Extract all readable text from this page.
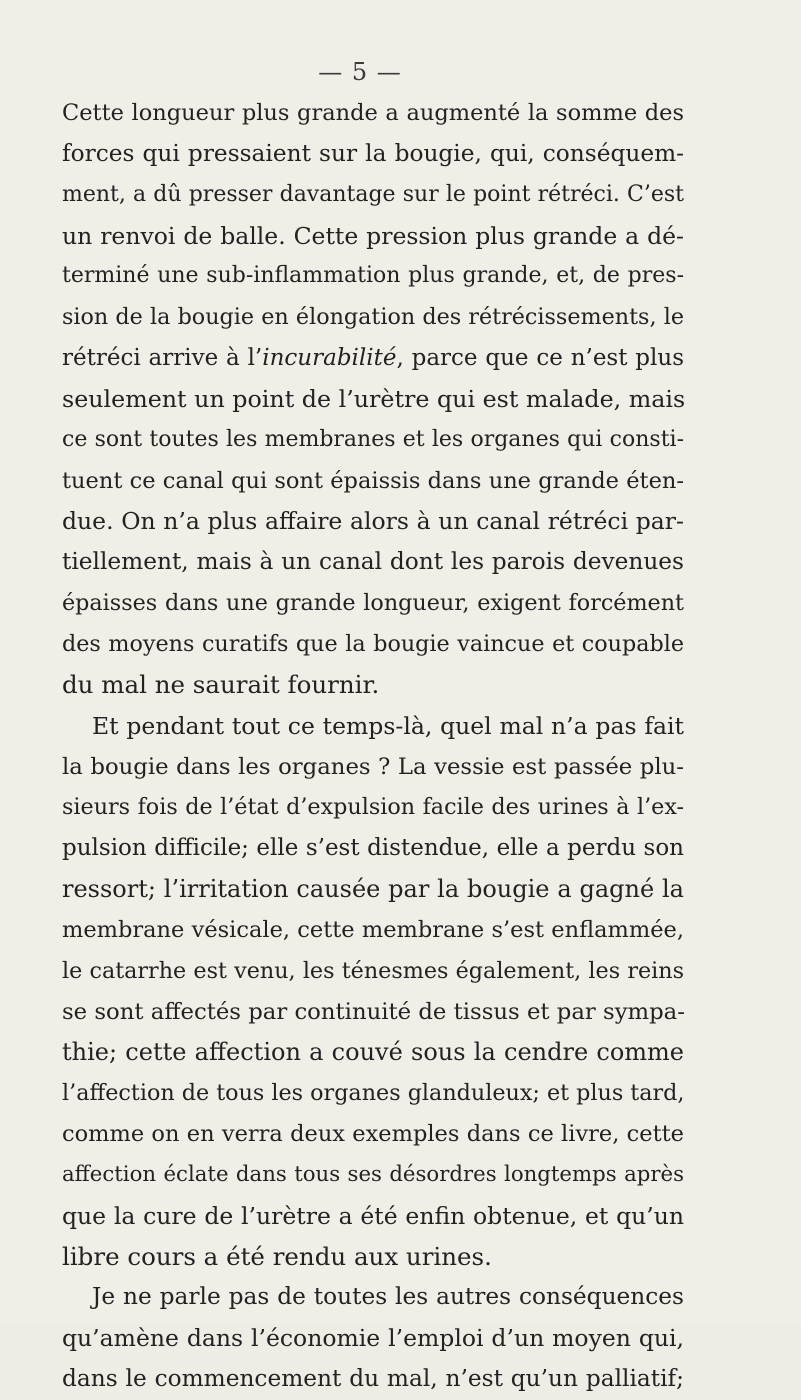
— 5 —
Cette longueur plus grande a augmenté la somme des
forces qui pressaient sur la bougie, qui, conséquem-
ment, a dû presser davantage sur le point rétréci. C’est
un renvoi de balle. Cette pression plus grande a dé-
terminé une sub-inflammation plus grande, et, de pres-
sion de la bougie en élongation des rétrécissements, le
rétréci arrive à l’incurabilité, parce que ce n’est plus
seulement un point de l’urètre qui est malade, mais
ce sont toutes les membranes et les organes qui consti-
tuent ce canal qui sont épaissis dans une grande éten-
due. On n’a plus affaire alors à un canal rétréci par-
tiellement, mais à un canal dont les parois devenues
épaisses dans une grande longueur, exigent forcément
des moyens curatifs que la bougie vaincue et coupable
du mal ne saurait fournir.
Et pendant tout ce temps-là, quel mal n’a pas fait
la bougie dans les organes ? La vessie est passée plu-
sieurs fois de l’état d’expulsion facile des urines à l’ex-
pulsion difficile; elle s’est distendue, elle a perdu son
ressort; l’irritation causée par la bougie a gagné la
membrane vésicale, cette membrane s’est enflammée,
le catarrhe est venu, les ténesmes également, les reins
se sont affectés par continuité de tissus et par sympa-
thie; cette affection a couvé sous la cendre comme
l’affection de tous les organes glanduleux; et plus tard,
comme on en verra deux exemples dans ce livre, cette
affection éclate dans tous ses désordres longtemps après
que la cure de l’urètre a été enfin obtenue, et qu’un
libre cours a été rendu aux urines.
Je ne parle pas de toutes les autres conséquences
qu’amène dans l’économie l’emploi d’un moyen qui,
dans le commencement du mal, n’est qu’un palliatif;
